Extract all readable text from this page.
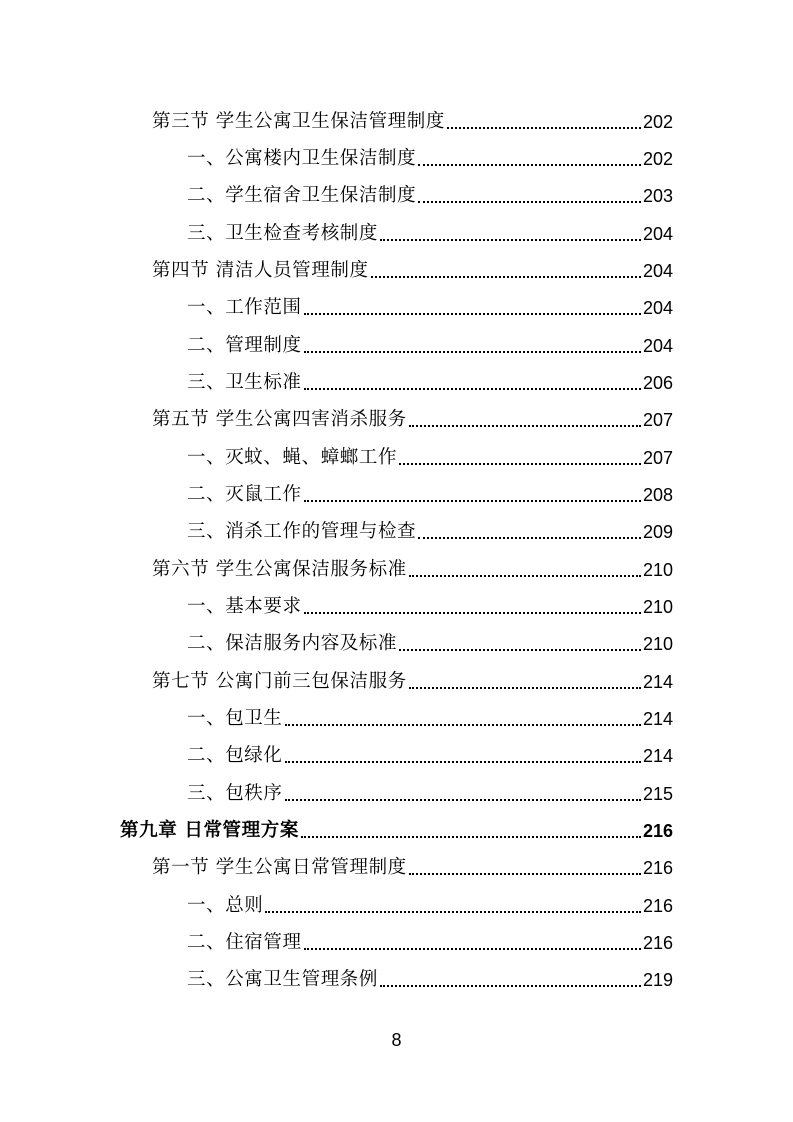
第三节 学生公寓卫生保洁管理制度	202
一、公寓楼内卫生保洁制度	202
二、学生宿舍卫生保洁制度	203
三、卫生检查考核制度	204
第四节 清洁人员管理制度	204
一、工作范围	204
二、管理制度	204
三、卫生标准	206
第五节 学生公寓四害消杀服务	207
一、灭蚊、蝇、蟑螂工作	207
二、灭鼠工作	208
三、消杀工作的管理与检查	209
第六节 学生公寓保洁服务标准	210
一、基本要求	210
二、保洁服务内容及标准	210
第七节 公寓门前三包保洁服务	214
一、包卫生	214
二、包绿化	214
三、包秩序	215
第九章 日常管理方案	216
第一节 学生公寓日常管理制度	216
一、总则	216
二、住宿管理	216
三、公寓卫生管理条例	219
8
